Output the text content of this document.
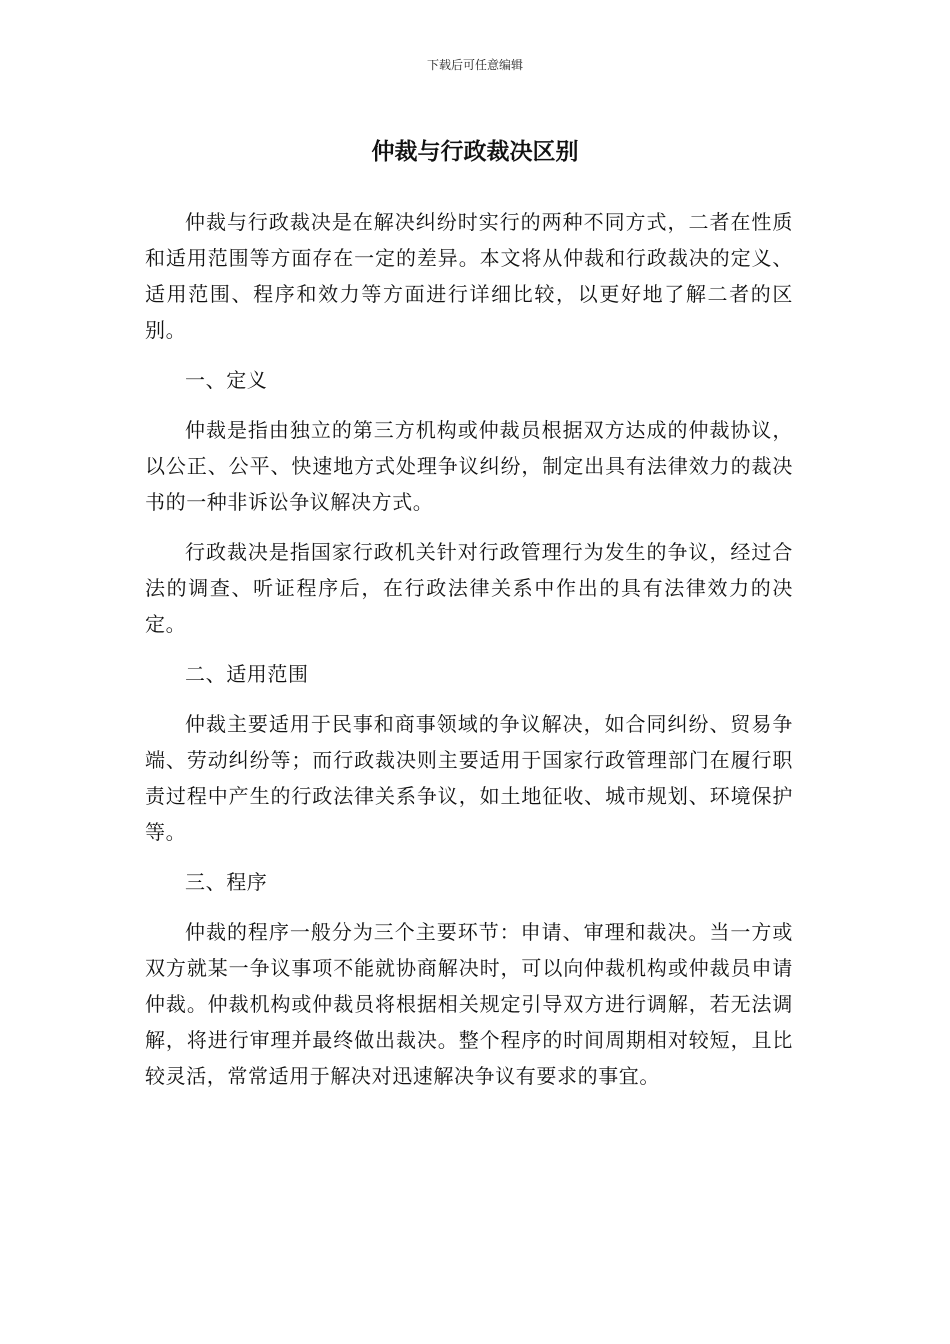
下载后可任意编辑
仲裁与行政裁决区别

仲裁与行政裁决是在解决纠纷时实行的两种不同方式，二者在性质和适用范围等方面存在一定的差异。本文将从仲裁和行政裁决的定义、适用范围、程序和效力等方面进行详细比较，以更好地了解二者的区别。

一、定义

仲裁是指由独立的第三方机构或仲裁员根据双方达成的仲裁协议，以公正、公平、快速地方式处理争议纠纷，制定出具有法律效力的裁决书的一种非诉讼争议解决方式。

行政裁决是指国家行政机关针对行政管理行为发生的争议，经过合法的调查、听证程序后，在行政法律关系中作出的具有法律效力的决定。

二、适用范围

仲裁主要适用于民事和商事领域的争议解决，如合同纠纷、贸易争端、劳动纠纷等；而行政裁决则主要适用于国家行政管理部门在履行职责过程中产生的行政法律关系争议，如土地征收、城市规划、环境保护等。

三、程序

仲裁的程序一般分为三个主要环节：申请、审理和裁决。当一方或双方就某一争议事项不能就协商解决时，可以向仲裁机构或仲裁员申请仲裁。仲裁机构或仲裁员将根据相关规定引导双方进行调解，若无法调解，将进行审理并最终做出裁决。整个程序的时间周期相对较短，且比较灵活，常常适用于解决对迅速解决争议有要求的事宜。
